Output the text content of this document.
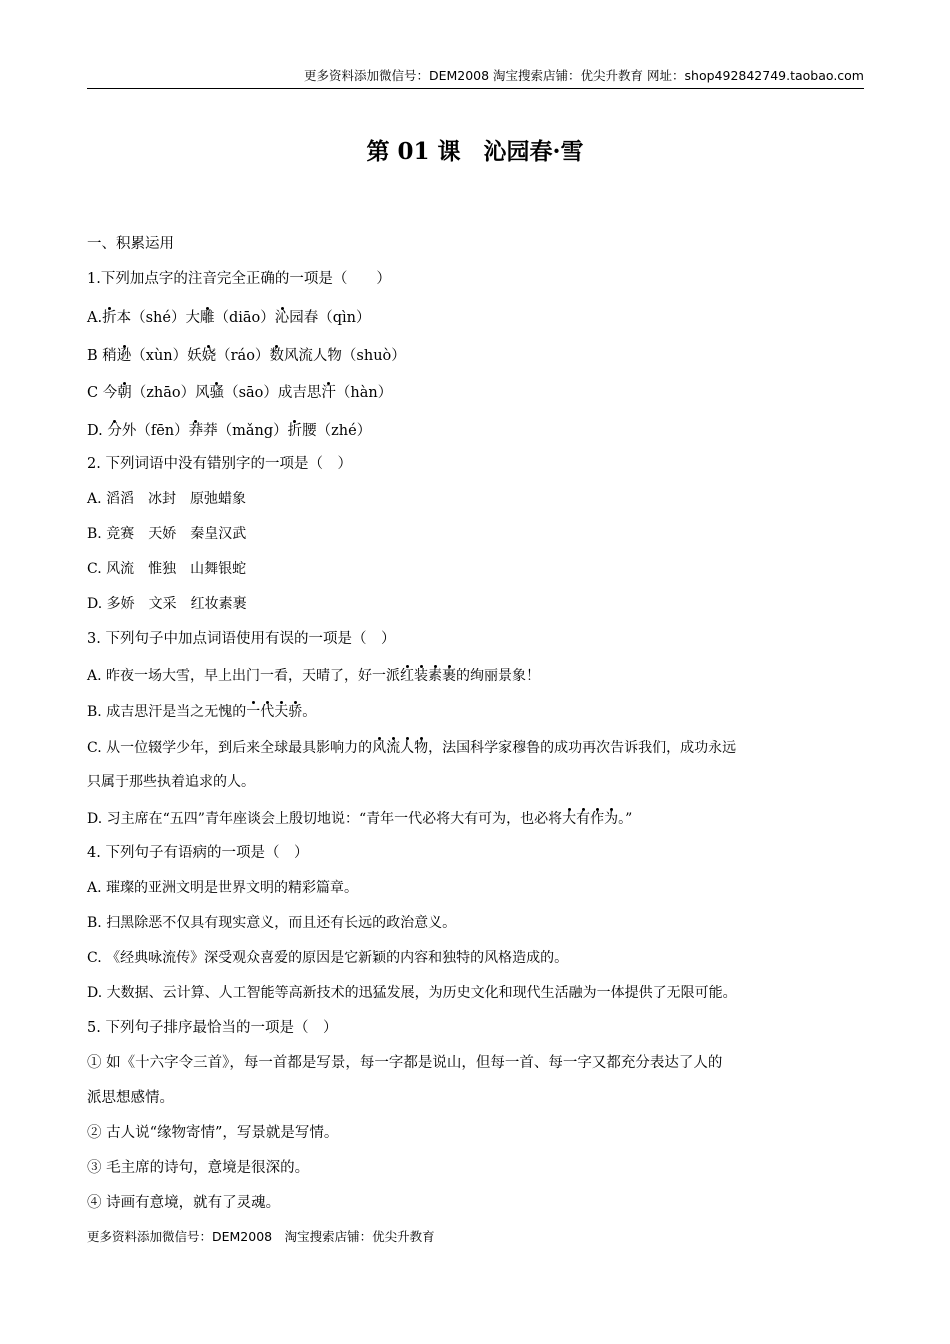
更多资料添加微信号：DEM2008 淘宝搜索店铺：优尖升教育 网址：shop492842749.taobao.com
第 01 课　沁园春·雪
一、积累运用
1.下列加点字的注音完全正确的一项是（　　）
A.折本（shé）大雕（diāo）沁园春（qìn）
B 稍逊（xùn）妖娆（ráo）数风流人物（shuò）
C 今朝（zhāo）风骚（sāo）成吉思汗（hàn）
D. 分外（fēn）莽莽（mǎng）折腰（zhé）
2. 下列词语中没有错别字的一项是（　）
A. 滔滔　冰封　原弛蜡象
B. 竞赛　天娇　秦皇汉武
C. 风流　惟独　山舞银蛇
D. 多娇　文采　红妆素裹
3. 下列句子中加点词语使用有误的一项是（　）
A. 昨夜一场大雪，早上出门一看，天晴了，好一派红装素裹的绚丽景象！
B. 成吉思汗是当之无愧的一代天骄。
C. 从一位辍学少年，到后来全球最具影响力的风流人物，法国科学家穆鲁的成功再次告诉我们，成功永远
只属于那些执着追求的人。
D. 习主席在“五四”青年座谈会上殷切地说：“青年一代必将大有可为，也必将大有作为。”
4. 下列句子有语病的一项是（　）
A. 璀璨的亚洲文明是世界文明的精彩篇章。
B. 扫黑除恶不仅具有现实意义，而且还有长远的政治意义。
C. 《经典咏流传》深受观众喜爱的原因是它新颖的内容和独特的风格造成的。
D. 大数据、云计算、人工智能等高新技术的迅猛发展，为历史文化和现代生活融为一体提供了无限可能。
5. 下列句子排序最恰当的一项是（　）
① 如《十六字令三首》，每一首都是写景，每一字都是说山，但每一首、每一字又都充分表达了人的
派思想感情。
② 古人说“缘物寄情”，写景就是写情。
③ 毛主席的诗句，意境是很深的。
④ 诗画有意境，就有了灵魂。
更多资料添加微信号：DEM2008　淘宝搜索店铺：优尖升教育
